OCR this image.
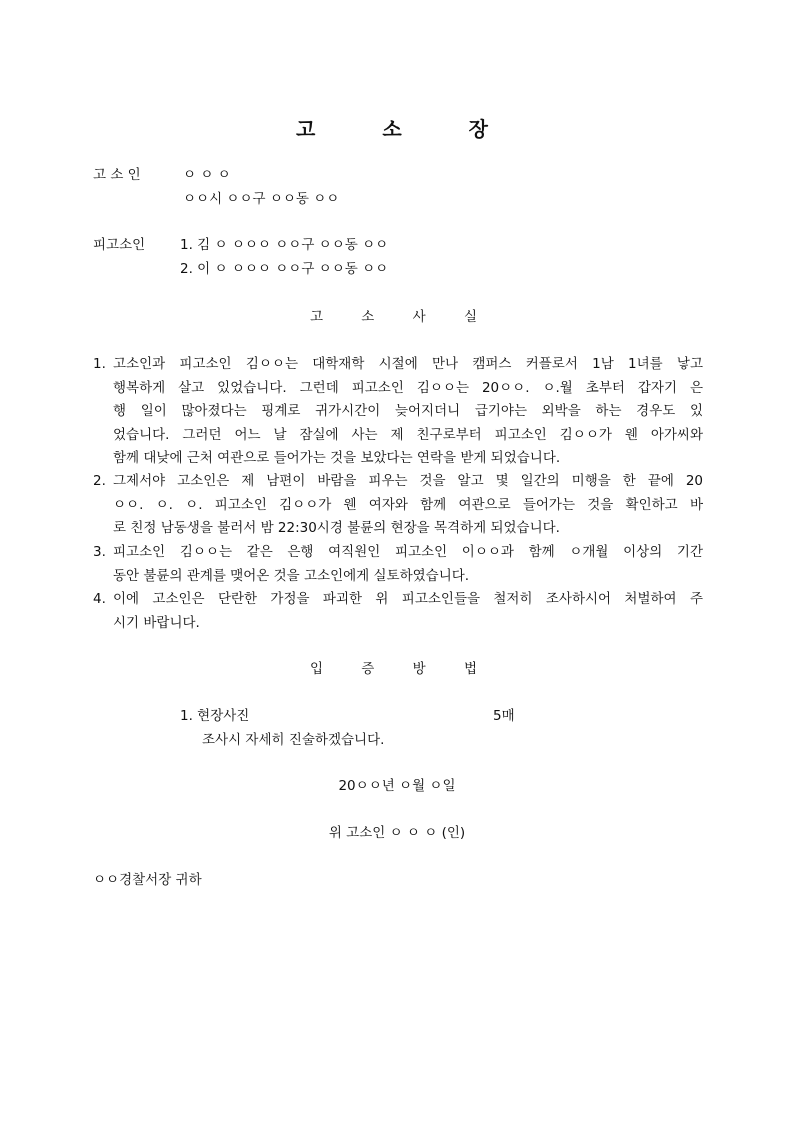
고 소 장
고 소 인	ㅇ ㅇ ㅇ
ㅇㅇ시 ㅇㅇ구 ㅇㅇ동 ㅇㅇ
피고소인	1. 김 ㅇ ㅇㅇㅇ ㅇㅇ구 ㅇㅇ동 ㅇㅇ
2. 이 ㅇ ㅇㅇㅇ ㅇㅇ구 ㅇㅇ동 ㅇㅇ
고 소 사 실
1. 고소인과 피고소인 김ㅇㅇ는 대학재학 시절에 만나 캠퍼스 커플로서 1남 1녀를 낳고
행복하게 살고 있었습니다. 그런데 피고소인 김ㅇㅇ는 20ㅇㅇ. ㅇ.월 초부터 갑자기 은
행 일이 많아졌다는 핑계로 귀가시간이 늦어지더니 급기야는 외박을 하는 경우도 있
었습니다. 그러던 어느 날 잠실에 사는 제 친구로부터 피고소인 김ㅇㅇ가 웬 아가씨와
함께 대낮에 근처 여관으로 들어가는 것을 보았다는 연락을 받게 되었습니다.
2. 그제서야 고소인은 제 남편이 바람을 피우는 것을 알고 몇 일간의 미행을 한 끝에 20
ㅇㅇ. ㅇ. ㅇ. 피고소인 김ㅇㅇ가 웬 여자와 함께 여관으로 들어가는 것을 확인하고 바
로 친정 남동생을 불러서 밤 22:30시경 불륜의 현장을 목격하게 되었습니다.
3. 피고소인 김ㅇㅇ는 같은 은행 여직원인 피고소인 이ㅇㅇ과 함께 ㅇ개월 이상의 기간
동안 불륜의 관계를 맺어온 것을 고소인에게 실토하였습니다.
4. 이에 고소인은 단란한 가정을 파괴한 위 피고소인들을 철저히 조사하시어 처벌하여 주
시기 바랍니다.
입 증 방 법
1. 현장사진	5매
조사시 자세히 진술하겠습니다.
20ㅇㅇ년 ㅇ월 ㅇ일
위 고소인 ㅇ ㅇ ㅇ (인)
ㅇㅇ경찰서장 귀하
